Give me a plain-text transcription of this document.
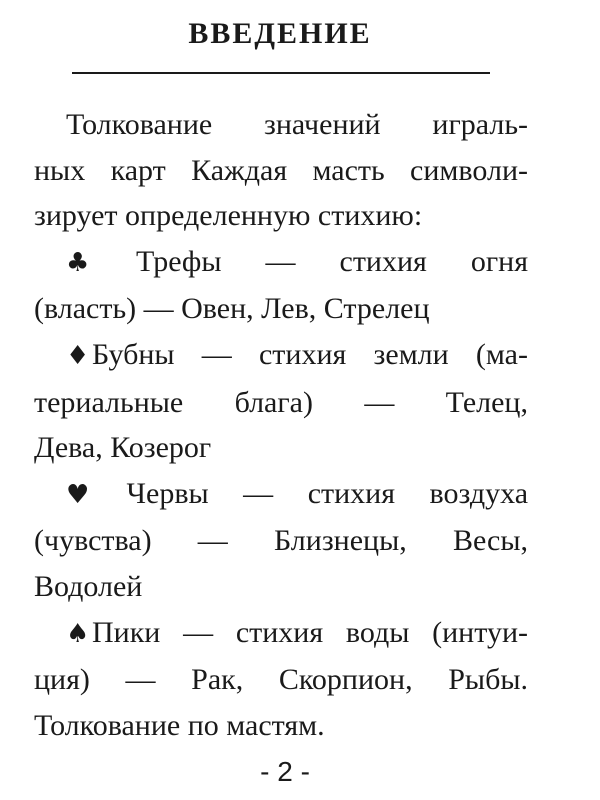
ВВЕДЕНИЕ
Толкование значений играль-
ных карт Каждая масть символи-
зирует определенную стихию:
♣ Трефы — стихия огня
(власть) — Овен, Лев, Стрелец
♦Бубны — стихия земли (ма-
териальные блага) — Телец,
Дева, Козерог
♥ Червы — стихия воздуха
(чувства) — Близнецы, Весы,
Водолей
♠Пики — стихия воды (интуи-
ция) — Рак, Скорпион, Рыбы.
Толкование по мастям.
- 2 -
